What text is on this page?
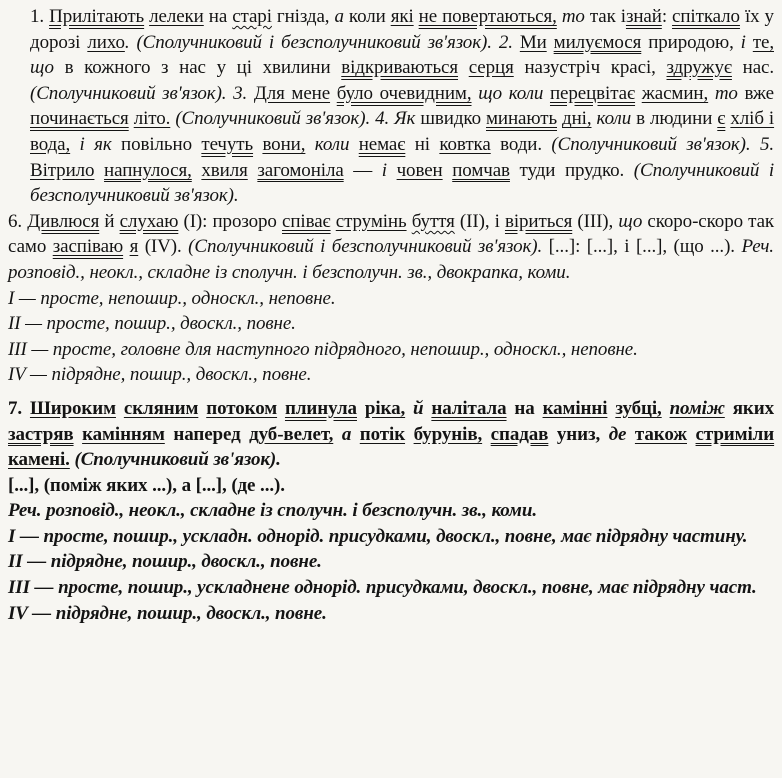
1. Прилітають лелеки на старі гнізда, а коли які не повертаються, то так ізнай: спіткало їх у дорозі лихо. (Сполучниковий і безсполучниковий зв'язок). 2. Ми милуємося природою, і те, що в кожного з нас у ці хвилини відкриваються серця назустріч красі, здружує нас. (Сполучниковий зв'язок). 3. Для мене було очевидним, що коли перецвітає жасмин, то вже починається літо. (Сполучниковий зв'язок). 4. Як швидко минають дні, коли в людини є хліб і вода, і як повільно течуть вони, коли немає ні ковтка води. (Сполучниковий зв'язок). 5. Вітрило напнулося, хвиля загомоніла — і човен помчав туди прудко. (Сполучниковий і безсполучниковий зв'язок).

6. Дивлюся й слухаю (I): прозоро співає струмінь буття (II), і віриться (III), що скоро-скоро так само заспіваю я (IV). (Сполучниковий і безсполучниковий зв'язок). [...]: [...], і [...], (що ...). Реч. розповід., неокл., складне із сполучн. і безсполучн. зв., двокрапка, коми.

I — просте, непошир., односкл., неповне.

II — просте, пошир., двоскл., повне.

III — просте, головне для наступного підрядного, непошир., односкл., неповне.

IV — підрядне, пошир., двоскл., повне.

7. Широким скляним потоком плинула ріка, й налітала на камінні зубці, поміж яких застряв камінням наперед дуб-велет, а потік бурунів, спадав униз, де також стриміли камені. (Сполучниковий зв'язок).

[...], (поміж яких ...), а [...], (де ...).

Реч. розповід., неокл., складне із сполучн. і безсполучн. зв., коми.

I — просте, пошир., ускладн. однорід. присудками, двоскл., повне, має підрядну частину.

II — підрядне, пошир., двоскл., повне.

III — просте, пошир., ускладнене однорід. присудками, двоскл., повне, має підрядну част.

IV — підрядне, пошир., двоскл., повне.
